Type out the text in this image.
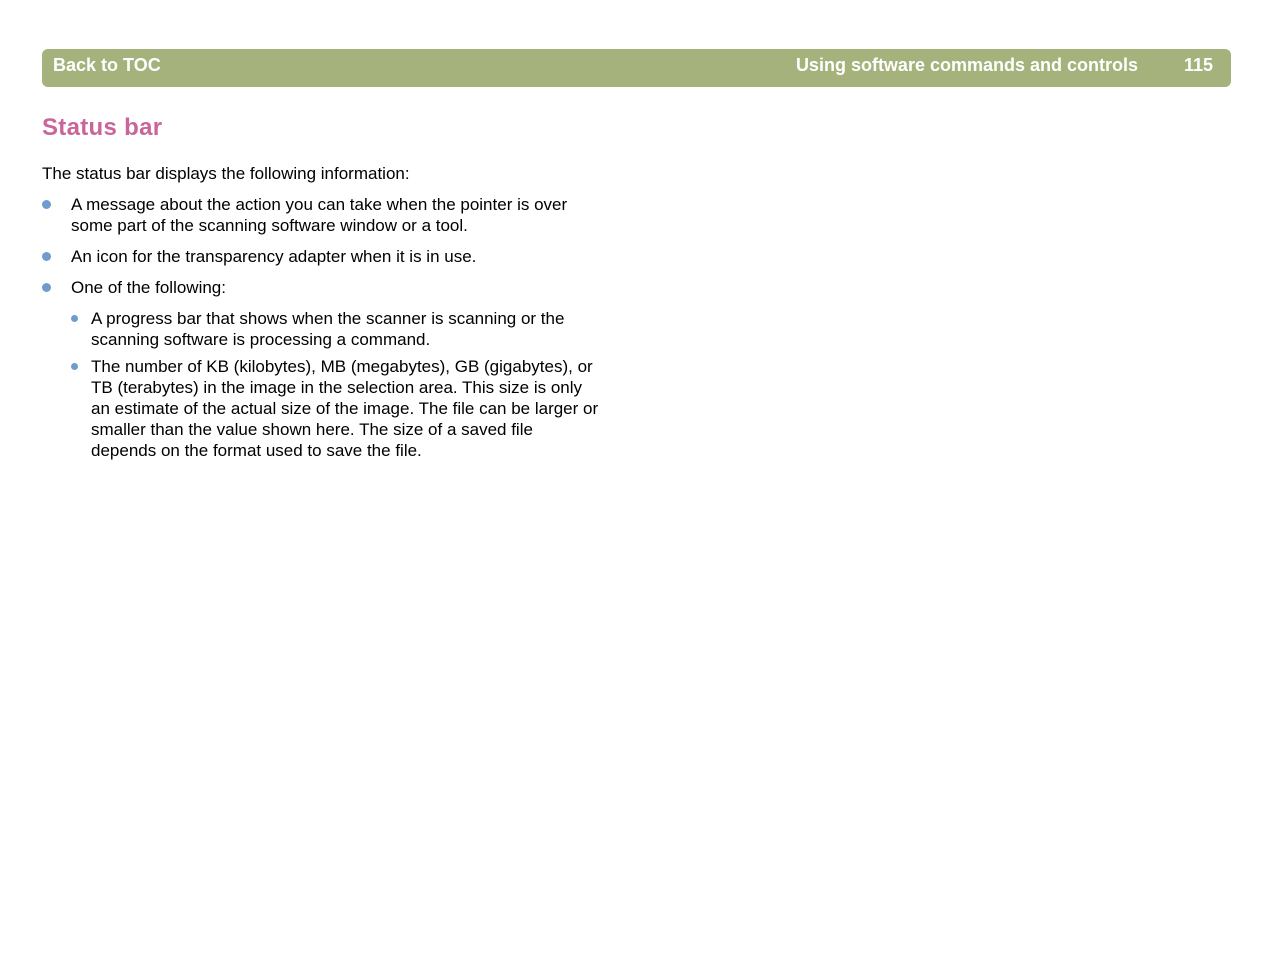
Back to TOC	Using software commands and controls	115
Status bar

The status bar displays the following information:

A message about the action you can take when the pointer is over some part of the scanning software window or a tool.
An icon for the transparency adapter when it is in use.
One of the following:
A progress bar that shows when the scanner is scanning or the scanning software is processing a command.
The number of KB (kilobytes), MB (megabytes), GB (gigabytes), or TB (terabytes) in the image in the selection area. This size is only an estimate of the actual size of the image. The file can be larger or smaller than the value shown here. The size of a saved file depends on the format used to save the file.
